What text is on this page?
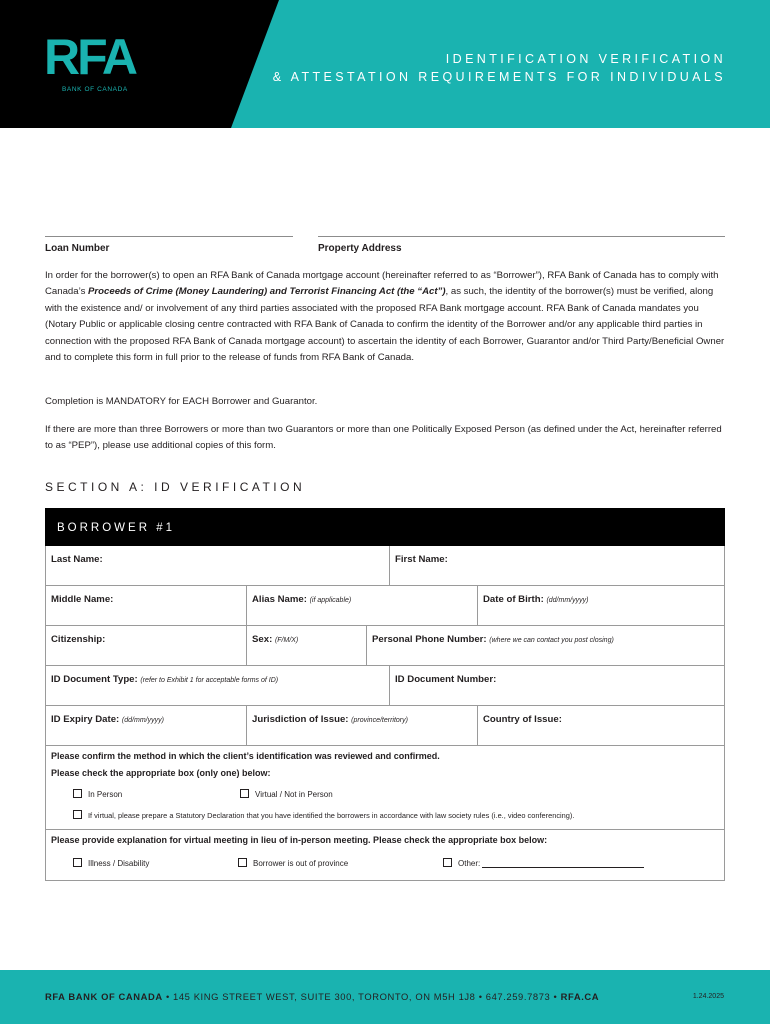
RFA
BANK OF CANADA
IDENTIFICATION VERIFICATION
& ATTESTATION REQUIREMENTS FOR INDIVIDUALS
Loan Number	Property Address
In order for the borrower(s) to open an RFA Bank of Canada mortgage account (hereinafter referred to as “Borrower”), RFA Bank of Canada has to comply with Canada’s Proceeds of Crime (Money Laundering) and Terrorist Financing Act (the “Act”), as such, the identity of the borrower(s) must be verified, along with the existence and/ or involvement of any third parties associated with the proposed RFA Bank mortgage account. RFA Bank of Canada mandates you (Notary Public or applicable closing centre contracted with RFA Bank of Canada to confirm the identity of the Borrower and/or any applicable third parties in connection with the proposed RFA Bank of Canada mortgage account) to ascertain the identity of each Borrower, Guarantor and/or Third Party/Beneficial Owner and to complete this form in full prior to the release of funds from RFA Bank of Canada.
Completion is MANDATORY for EACH Borrower and Guarantor.
If there are more than three Borrowers or more than two Guarantors or more than one Politically Exposed Person (as defined under the Act, hereinafter referred to as “PEP”), please use additional copies of this form.
SECTION A: ID VERIFICATION
BORROWER #1
Last Name:	First Name:
Middle Name:	Alias Name: (if applicable)	Date of Birth: (dd/mm/yyyy)
Citizenship:	Sex: (F/M/X)	Personal Phone Number: (where we can contact you post closing)
ID Document Type: (refer to Exhibit 1 for acceptable forms of ID)	ID Document Number:
ID Expiry Date: (dd/mm/yyyy)	Jurisdiction of Issue: (province/territory)	Country of Issue:
Please confirm the method in which the client’s identification was reviewed and confirmed.
Please check the appropriate box (only one) below:
In Person	Virtual / Not in Person
If virtual, please prepare a Statutory Declaration that you have identified the borrowers in accordance with law society rules (i.e., video conferencing).
Please provide explanation for virtual meeting in lieu of in-person meeting. Please check the appropriate box below:
Illness / Disability	Borrower is out of province	Other:
RFA BANK OF CANADA • 145 KING STREET WEST, SUITE 300, TORONTO, ON M5H 1J8 • 647.259.7873 • RFA.CA	1.24.2025
